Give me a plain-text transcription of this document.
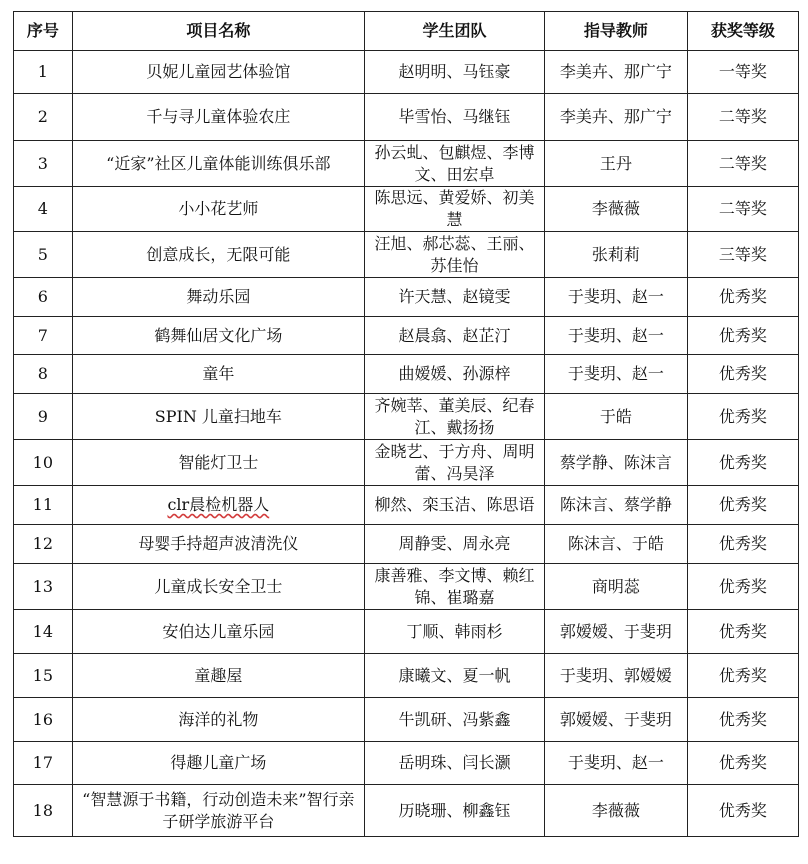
序号	项目名称	学生团队	指导教师	获奖等级
1	贝妮儿童园艺体验馆	赵明明、马钰豪	李美卉、那广宁	一等奖
2	千与寻儿童体验农庄	毕雪怡、马继钰	李美卉、那广宁	二等奖
3	“近家”社区儿童体能训练俱乐部	孙云虬、包麒煜、李博文、田宏卓	王丹	二等奖
4	小小花艺师	陈思远、黄爱娇、初美慧	李薇薇	二等奖
5	创意成长，无限可能	汪旭、郝芯蕊、王丽、苏佳怡	张莉莉	三等奖
6	舞动乐园	许天慧、赵镜雯	于斐玥、赵一	优秀奖
7	鹤舞仙居文化广场	赵晨翕、赵芷汀	于斐玥、赵一	优秀奖
8	童年	曲嫒媛、孙源梓	于斐玥、赵一	优秀奖
9	SPIN 儿童扫地车	齐婉莘、董美辰、纪春江、戴扬扬	于皓	优秀奖
10	智能灯卫士	金晓艺、于方舟、周明蕾、冯昊泽	蔡学静、陈沫言	优秀奖
11	clr晨检机器人	柳然、栾玉洁、陈思语	陈沫言、蔡学静	优秀奖
12	母婴手持超声波清洗仪	周静雯、周永亮	陈沫言、于皓	优秀奖
13	儿童成长安全卫士	康善雅、李文博、赖红锦、崔璐嘉	商明蕊	优秀奖
14	安伯达儿童乐园	丁顺、韩雨杉	郭嫒嫒、于斐玥	优秀奖
15	童趣屋	康曦文、夏一帆	于斐玥、郭嫒嫒	优秀奖
16	海洋的礼物	牛凯研、冯紫鑫	郭嫒嫒、于斐玥	优秀奖
17	得趣儿童广场	岳明珠、闫长灏	于斐玥、赵一	优秀奖
18	“智慧源于书籍，行动创造未来”智行亲子研学旅游平台	历晓珊、柳鑫钰	李薇薇	优秀奖
